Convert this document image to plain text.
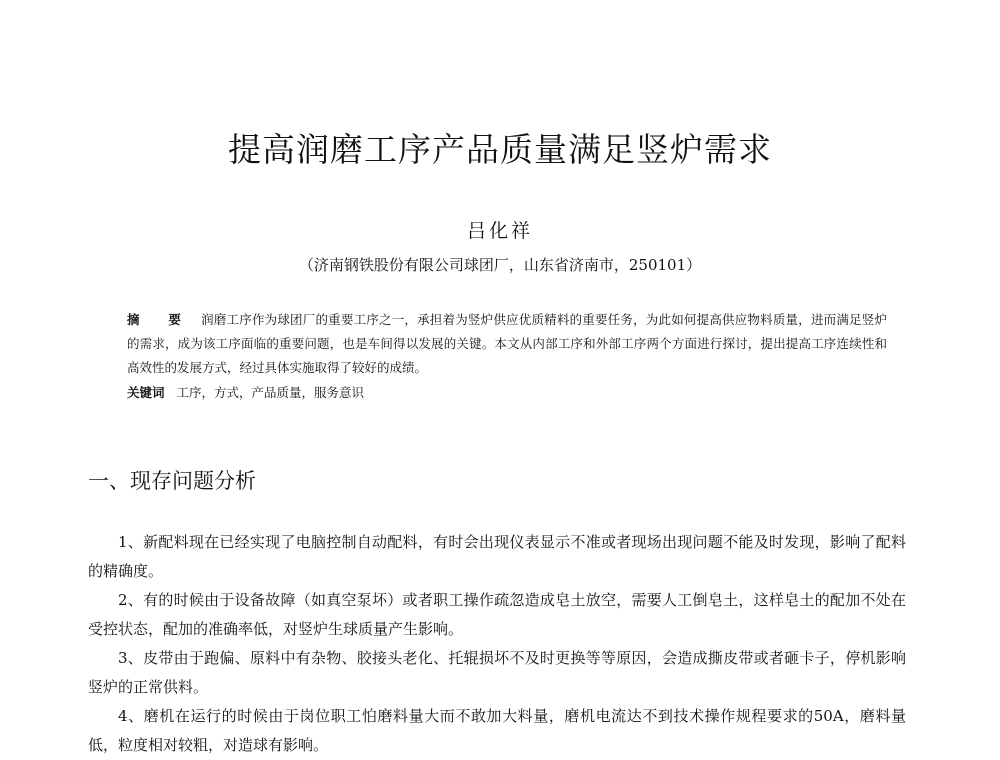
提高润磨工序产品质量满足竖炉需求
吕化祥
（济南钢铁股份有限公司球团厂，山东省济南市，250101）
摘　要 润磨工序作为球团厂的重要工序之一，承担着为竖炉供应优质精料的重要任务，为此如何提高供应物料质量，进而满足竖炉的需求，成为该工序面临的重要问题，也是车间得以发展的关键。本文从内部工序和外部工序两个方面进行探讨，提出提高工序连续性和高效性的发展方式，经过具体实施取得了较好的成绩。
关键词 工序，方式，产品质量，服务意识
一、现存问题分析

1、新配料现在已经实现了电脑控制自动配料，有时会出现仪表显示不准或者现场出现问题不能及时发现，影响了配料的精确度。

2、有的时候由于设备故障（如真空泵坏）或者职工操作疏忽造成皂土放空，需要人工倒皂土，这样皂土的配加不处在受控状态，配加的准确率低，对竖炉生球质量产生影响。

3、皮带由于跑偏、原料中有杂物、胶接头老化、托辊损坏不及时更换等等原因，会造成撕皮带或者砸卡子，停机影响竖炉的正常供料。

4、磨机在运行的时候由于岗位职工怕磨料量大而不敢加大料量，磨机电流达不到技术操作规程要求的50A，磨料量低，粒度相对较粗，对造球有影响。
